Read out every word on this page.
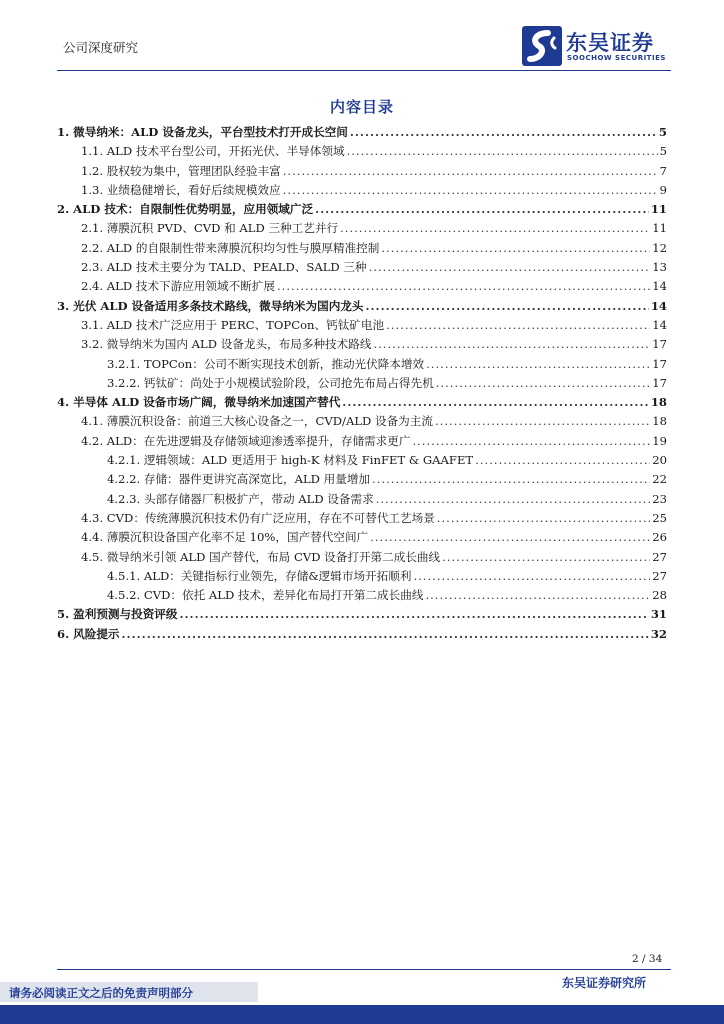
公司深度研究	东吴证券
SOOCHOW SECURITIES
内容目录
1. 微导纳米：ALD 设备龙头，平台型技术打开成长空间 .....	5
1.1. ALD 技术平台型公司，开拓光伏、半导体领域 .....	5
1.2. 股权较为集中，管理团队经验丰富 .....	7
1.3. 业绩稳健增长，看好后续规模效应 .....	9
2. ALD 技术：自限制性优势明显，应用领域广泛 .....	11
2.1. 薄膜沉积 PVD、CVD 和 ALD 三种工艺并行 .....	11
2.2. ALD 的自限制性带来薄膜沉积均匀性与膜厚精准控制 .....	12
2.3. ALD 技术主要分为 TALD、PEALD、SALD 三种 .....	13
2.4. ALD 技术下游应用领域不断扩展 .....	14
3. 光伏 ALD 设备适用多条技术路线，微导纳米为国内龙头 .....	14
3.1. ALD 技术广泛应用于 PERC、TOPCon、钙钛矿电池 .....	14
3.2. 微导纳米为国内 ALD 设备龙头，布局多种技术路线 .....	17
3.2.1. TOPCon：公司不断实现技术创新，推动光伏降本增效 .....	17
3.2.2. 钙钛矿：尚处于小规模试验阶段，公司抢先布局占得先机 .....	17
4. 半导体 ALD 设备市场广阔，微导纳米加速国产替代 .....	18
4.1. 薄膜沉积设备：前道三大核心设备之一，CVD/ALD 设备为主流 .....	18
4.2. ALD：在先进逻辑及存储领域迎渗透率提升，存储需求更广 .....	19
4.2.1. 逻辑领域：ALD 更适用于 high-K 材料及 FinFET & GAAFET .....	20
4.2.2. 存储：器件更讲究高深宽比，ALD 用量增加 .....	22
4.2.3. 头部存储器厂积极扩产，带动 ALD 设备需求 .....	23
4.3. CVD：传统薄膜沉积技术仍有广泛应用，存在不可替代工艺场景 .....	25
4.4. 薄膜沉积设备国产化率不足 10%，国产替代空间广 .....	26
4.5. 微导纳米引领 ALD 国产替代，布局 CVD 设备打开第二成长曲线 .....	27
4.5.1. ALD：关键指标行业领先，存储&逻辑市场开拓顺利 .....	27
4.5.2. CVD：依托 ALD 技术，差异化布局打开第二成长曲线 .....	28
5. 盈利预测与投资评级 .....	31
6. 风险提示 .....	32
2 / 34
东吴证券研究所
请务必阅读正文之后的免责声明部分
